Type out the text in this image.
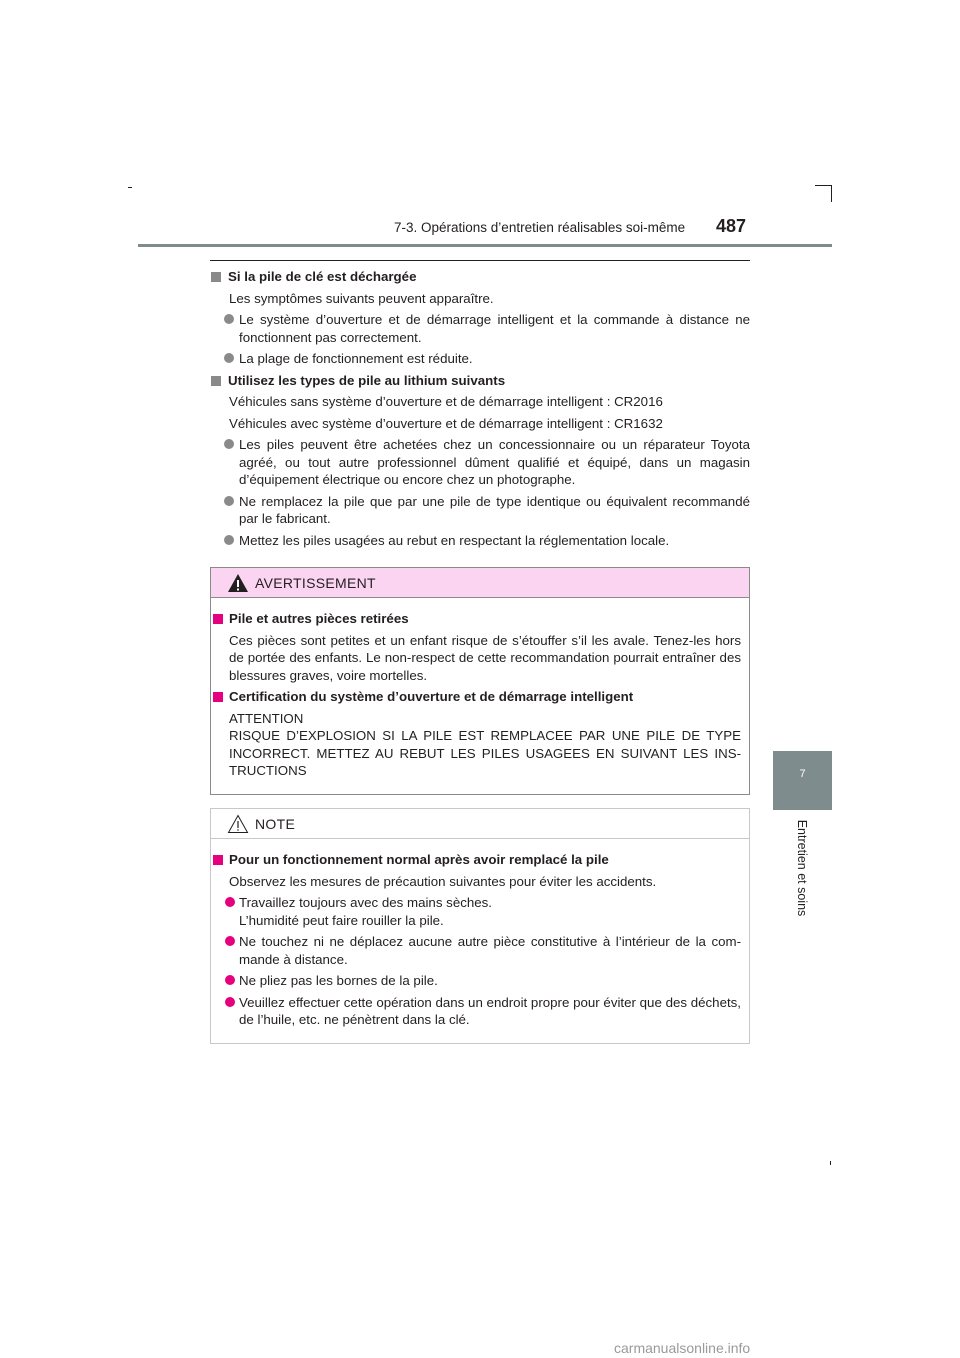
7-3. Opérations d’entretien réalisables soi-même 487
7
Entretien et soins
Si la pile de clé est déchargée
Les symptômes suivants peuvent apparaître.
Le système d’ouverture et de démarrage intelligent et la commande à distance ne fonctionnent pas correctement.
La plage de fonctionnement est réduite.
Utilisez les types de pile au lithium suivants
Véhicules sans système d’ouverture et de démarrage intelligent : CR2016
Véhicules avec système d’ouverture et de démarrage intelligent : CR1632
Les piles peuvent être achetées chez un concessionnaire ou un réparateur Toyota agréé, ou tout autre professionnel dûment qualifié et équipé, dans un magasin d’équipement électrique ou encore chez un photographe.
Ne remplacez la pile que par une pile de type identique ou équivalent recommandé par le fabricant.
Mettez les piles usagées au rebut en respectant la réglementation locale.
AVERTISSEMENT
Pile et autres pièces retirées
Ces pièces sont petites et un enfant risque de s’étouffer s’il les avale. Tenez-les hors de portée des enfants. Le non-respect de cette recommandation pourrait entraîner des blessures graves, voire mortelles.
Certification du système d’ouverture et de démarrage intelligent
ATTENTION
RISQUE D’EXPLOSION SI LA PILE EST REMPLACEE PAR UNE PILE DE TYPE INCORRECT. METTEZ AU REBUT LES PILES USAGEES EN SUIVANT LES INS-TRUCTIONS
NOTE
Pour un fonctionnement normal après avoir remplacé la pile
Observez les mesures de précaution suivantes pour éviter les accidents.
Travaillez toujours avec des mains sèches.
L’humidité peut faire rouiller la pile.
Ne touchez ni ne déplacez aucune autre pièce constitutive à l’intérieur de la com-mande à distance.
Ne pliez pas les bornes de la pile.
Veuillez effectuer cette opération dans un endroit propre pour éviter que des déchets, de l’huile, etc. ne pénètrent dans la clé.
carmanualsonline.info
